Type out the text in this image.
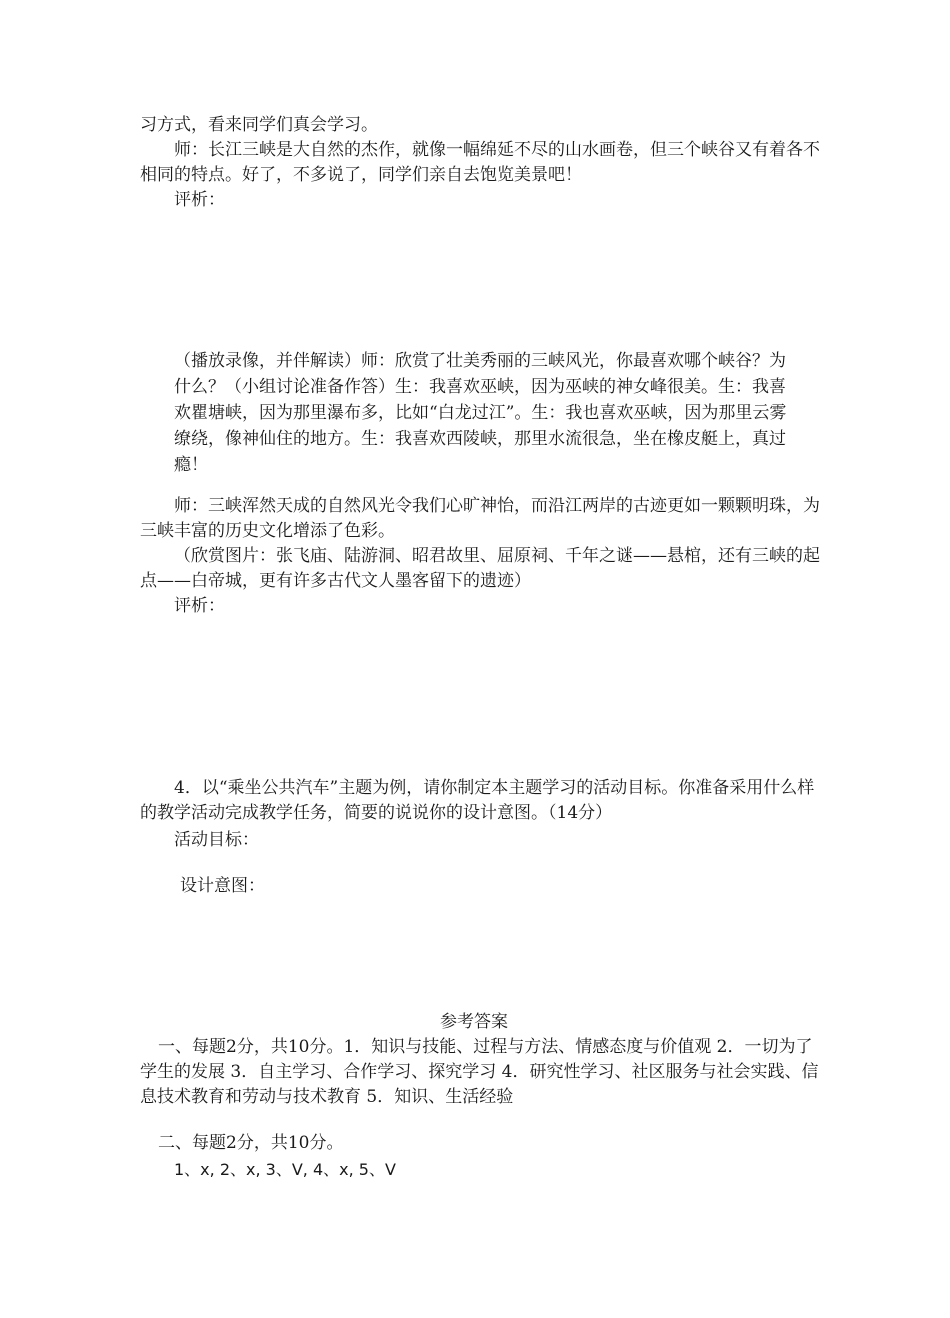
习方式，看来同学们真会学习。

师：长江三峡是大自然的杰作，就像一幅绵延不尽的山水画卷，但三个峡谷又有着各不相同的特点。好了，不多说了，同学们亲自去饱览美景吧！

评析：

（播放录像，并伴解读）师：欣赏了壮美秀丽的三峡风光，你最喜欢哪个峡谷？为什么？（小组讨论准备作答）生：我喜欢巫峡，因为巫峡的神女峰很美。生：我喜欢瞿塘峡，因为那里瀑布多，比如“白龙过江”。生：我也喜欢巫峡，因为那里云雾缭绕，像神仙住的地方。生：我喜欢西陵峡，那里水流很急，坐在橡皮艇上，真过瘾！

师：三峡浑然天成的自然风光令我们心旷神怡，而沿江两岸的古迹更如一颗颗明珠，为三峡丰富的历史文化增添了色彩。

（欣赏图片：张飞庙、陆游洞、昭君故里、屈原祠、千年之谜——悬棺，还有三峡的起点——白帝城，更有许多古代文人墨客留下的遗迹）

评析：

4．以“乘坐公共汽车”主题为例，请你制定本主题学习的活动目标。你准备采用什么样的教学活动完成教学任务，简要的说说你的设计意图。（14分）

活动目标：

设计意图：

参考答案

一、每题2分，共10分。1．知识与技能、过程与方法、情感态度与价值观 2．一切为了学生的发展 3．自主学习、合作学习、探究学习 4．研究性学习、社区服务与社会实践、信息技术教育和劳动与技术教育 5．知识、生活经验

二、每题2分，共10分。

1、x, 2、x, 3、V, 4、x, 5、V
